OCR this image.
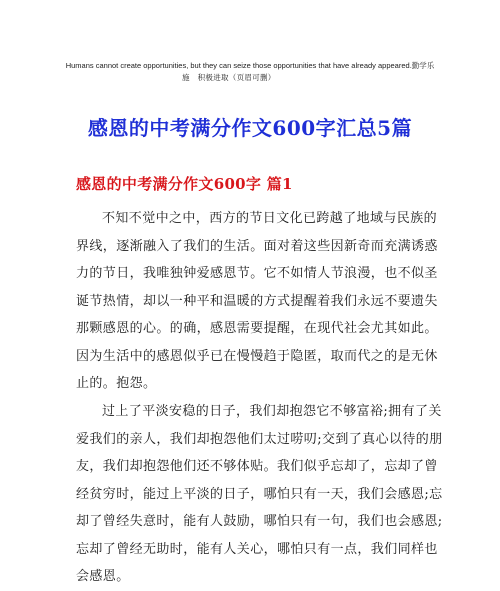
Humans cannot create opportunities, but they can seize those opportunities that have already appeared.勤学乐
施　积极进取（页眉可删）
感恩的中考满分作文600字汇总5篇
感恩的中考满分作文600字 篇1
不知不觉中之中，西方的节日文化已跨越了地域与民族的
界线，逐渐融入了我们的生活。面对着这些因新奇而充满诱惑
力的节日，我唯独钟爱感恩节。它不如情人节浪漫，也不似圣
诞节热情，却以一种平和温暖的方式提醒着我们永远不要遗失
那颗感恩的心。的确，感恩需要提醒，在现代社会尤其如此。
因为生活中的感恩似乎已在慢慢趋于隐匿，取而代之的是无休
止的。抱怨。
过上了平淡安稳的日子，我们却抱怨它不够富裕;拥有了关
爱我们的亲人，我们却抱怨他们太过唠叨;交到了真心以待的朋
友，我们却抱怨他们还不够体贴。我们似乎忘却了，忘却了曾
经贫穷时，能过上平淡的日子，哪怕只有一天，我们会感恩;忘
却了曾经失意时，能有人鼓励，哪怕只有一句，我们也会感恩;
忘却了曾经无助时，能有人关心，哪怕只有一点，我们同样也
会感恩。
